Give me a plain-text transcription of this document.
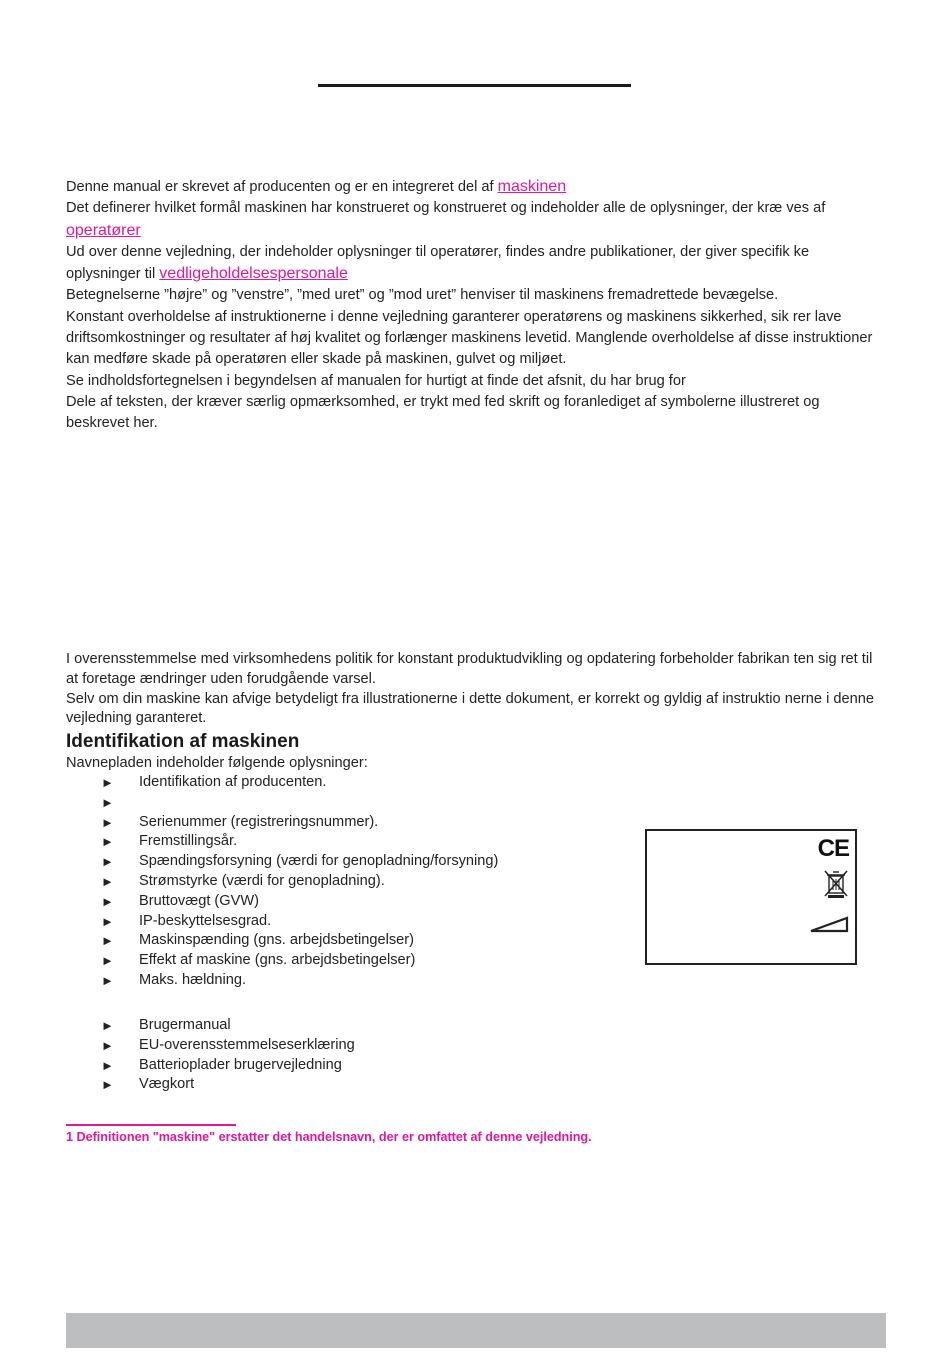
Denne manual er skrevet af producenten og er en integreret del af maskinen

Det definerer hvilket formål maskinen har konstrueret og konstrueret og indeholder alle de oplysninger, der kræ ves af operatører

Ud over denne vejledning, der indeholder oplysninger til operatører, findes andre publikationer, der giver specifik ke oplysninger til vedligeholdelsespersonale

Betegnelserne ”højre” og ”venstre”, ”med uret” og ”mod uret” henviser til maskinens fremadrettede bevægelse.

Konstant overholdelse af instruktionerne i denne vejledning garanterer operatørens og maskinens sikkerhed, sik rer lave driftsomkostninger og resultater af høj kvalitet og forlænger maskinens levetid. Manglende overholdelse af disse instruktioner kan medføre skade på operatøren eller skade på maskinen, gulvet og miljøet.

Se indholdsfortegnelsen i begyndelsen af manualen for hurtigt at finde det afsnit, du har brug for

Dele af teksten, der kræver særlig opmærksomhed, er trykt med fed skrift og foranlediget af symbolerne illustreret og beskrevet her.

I overensstemmelse med virksomhedens politik for konstant produktudvikling og opdatering forbeholder fabrikan ten sig ret til at foretage ændringer uden forudgående varsel.

Selv om din maskine kan afvige betydeligt fra illustrationerne i dette dokument, er korrekt og gyldig af instruktio nerne i denne vejledning garanteret.

Identifikation af maskinen
Navnepladen indeholder følgende oplysninger:
►	Identifikation af producenten.
►
►	Serienummer (registreringsnummer).
►	Fremstillingsår.
►	Spændingsforsyning (værdi for genopladning/forsyning)
►	Strømstyrke (værdi for genopladning).
►	Bruttovægt (GVW)
►	IP-beskyttelsesgrad.
►	Maskinspænding (gns. arbejdsbetingelser)
►	Effekt af maskine (gns. arbejdsbetingelser)
►	Maks. hældning.
►	Brugermanual
►	EU-overensstemmelseserklæring
►	Batterioplader brugervejledning
►	Vægkort
CE
1 Definitionen "maskine" erstatter det handelsnavn, der er omfattet af denne vejledning.
